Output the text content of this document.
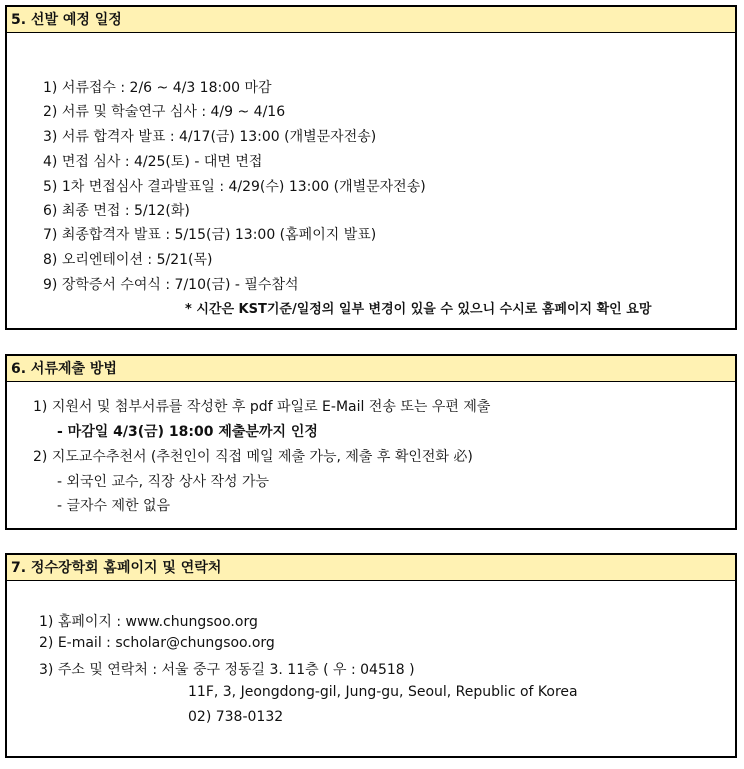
5. 선발 예정 일정
1) 서류접수 : 2/6 ~ 4/3 18:00 마감
2) 서류 및 학술연구 심사 : 4/9 ~ 4/16
3) 서류 합격자 발표 : 4/17(금) 13:00 (개별문자전송)
4) 면접 심사 : 4/25(토) - 대면 면접
5) 1차 면접심사 결과발표일 : 4/29(수) 13:00 (개별문자전송)
6) 최종 면접 : 5/12(화)
7) 최종합격자 발표 : 5/15(금) 13:00 (홈페이지 발표)
8) 오리엔테이션 : 5/21(목)
9) 장학증서 수여식 : 7/10(금) - 필수참석
* 시간은 KST기준/일정의 일부 변경이 있을 수 있으니 수시로 홈페이지 확인 요망
6. 서류제출 방법
1) 지원서 및 첨부서류를 작성한 후 pdf 파일로 E-Mail 전송 또는 우편 제출
- 마감일 4/3(금) 18:00 제출분까지 인정
2) 지도교수추천서 (추천인이 직접 메일 제출 가능, 제출 후 확인전화 必)
- 외국인 교수, 직장 상사 작성 가능
- 글자수 제한 없음
7. 정수장학회 홈페이지 및 연락처
1) 홈페이지 : www.chungsoo.org
2) E-mail : scholar@chungsoo.org
3) 주소 및 연락처 : 서울 중구 정동길 3. 11층 ( 우 : 04518 )
11F, 3, Jeongdong-gil, Jung-gu, Seoul, Republic of Korea
02) 738-0132
